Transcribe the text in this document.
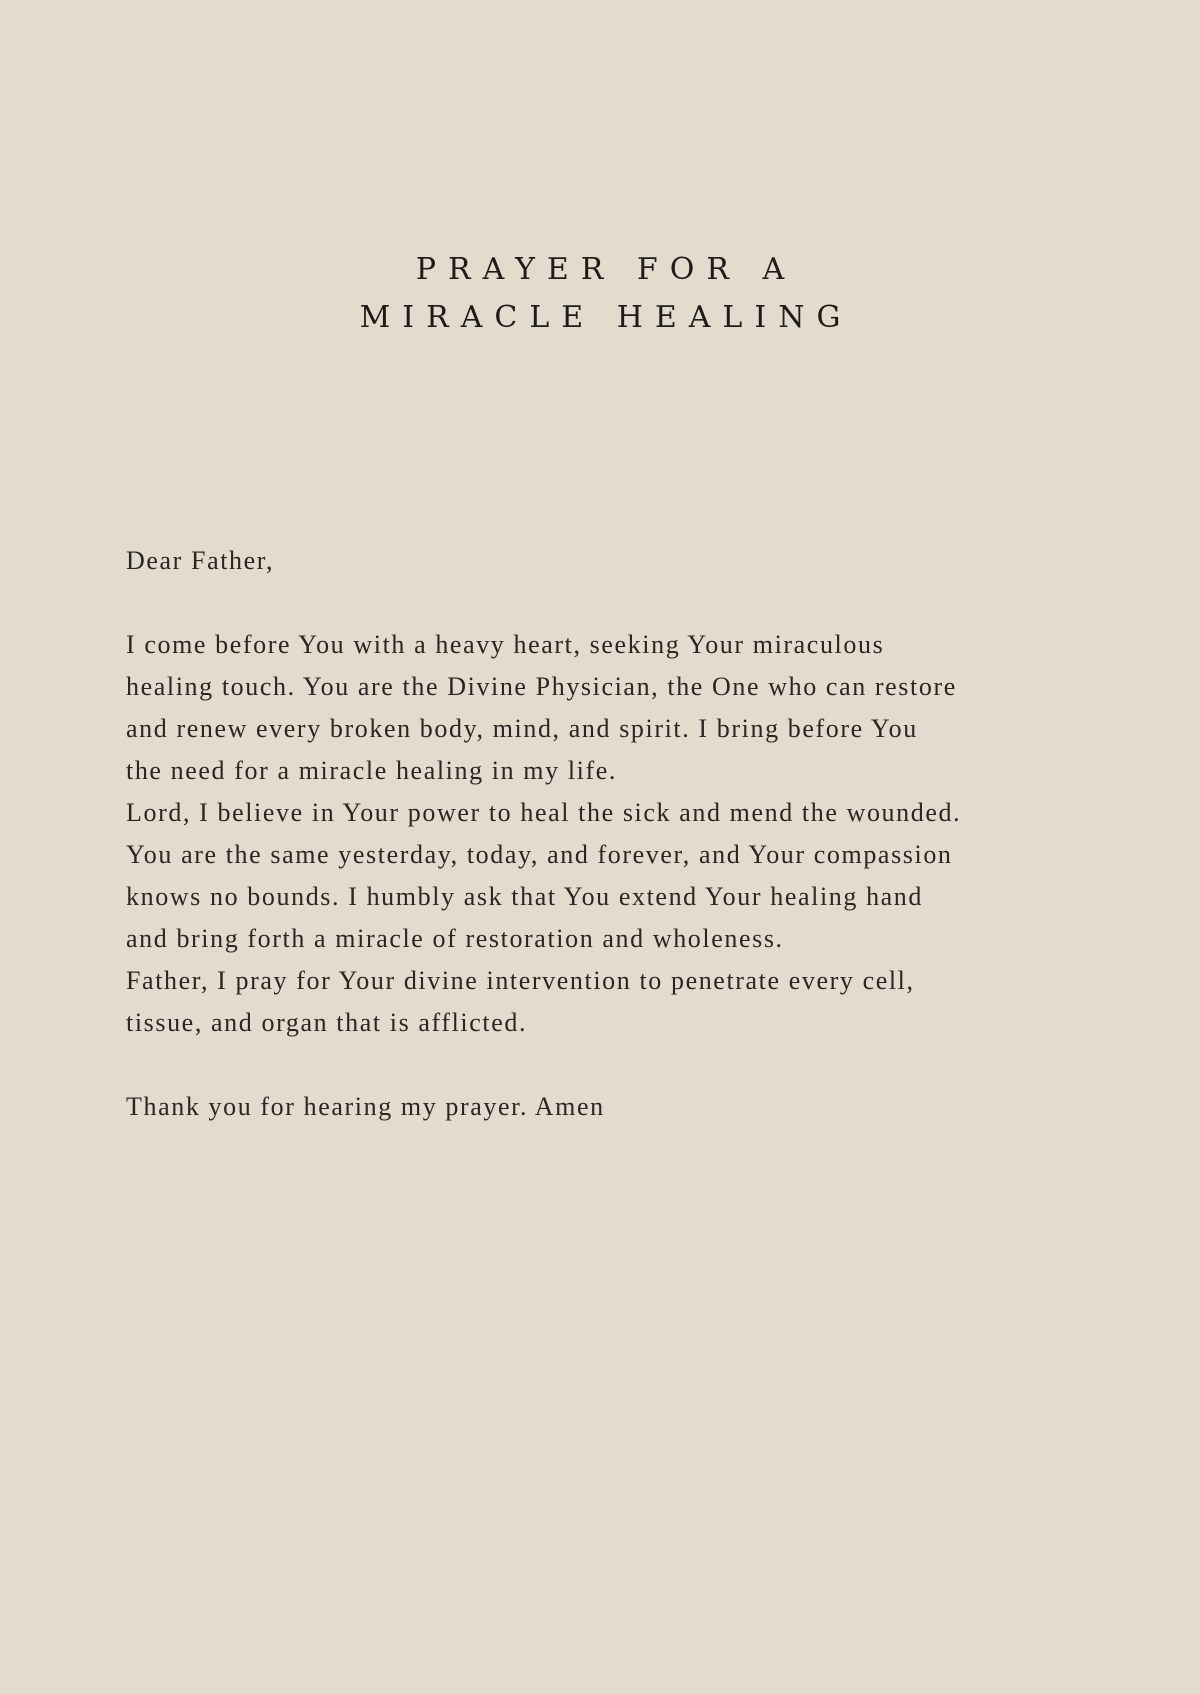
PRAYER FOR A
MIRACLE HEALING

Dear Father,

I come before You with a heavy heart, seeking Your miraculous
healing touch. You are the Divine Physician, the One who can restore
and renew every broken body, mind, and spirit. I bring before You
the need for a miracle healing in my life.
Lord, I believe in Your power to heal the sick and mend the wounded.
You are the same yesterday, today, and forever, and Your compassion
knows no bounds. I humbly ask that You extend Your healing hand
and bring forth a miracle of restoration and wholeness.
Father, I pray for Your divine intervention to penetrate every cell,
tissue, and organ that is afflicted.

Thank you for hearing my prayer. Amen
